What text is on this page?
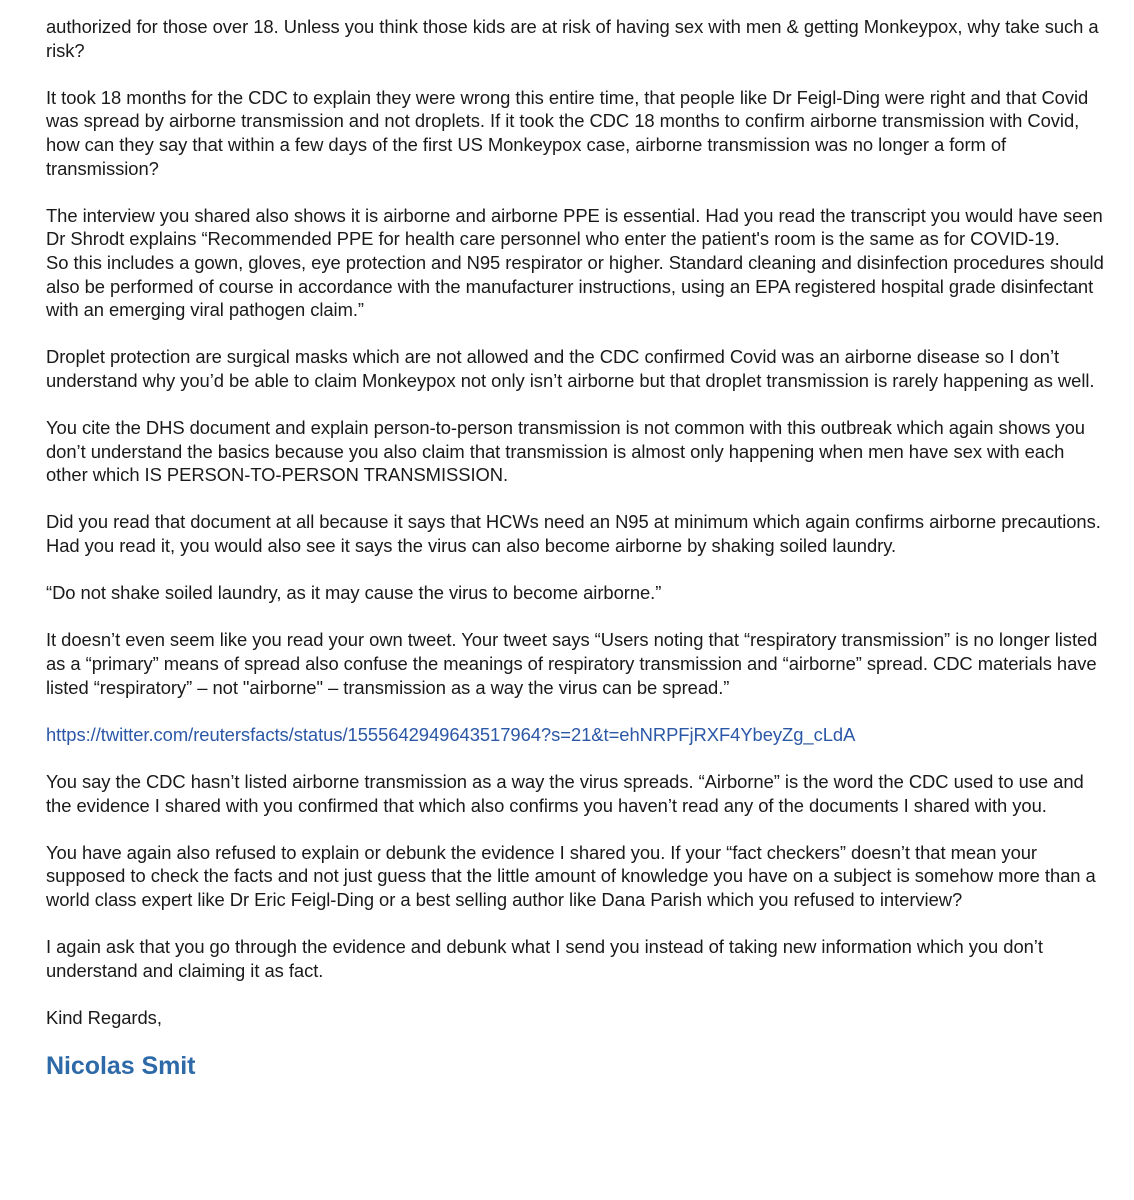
authorized for those over 18. Unless you think those kids are at risk of having sex with men & getting Monkeypox, why take such a risk?

It took 18 months for the CDC to explain they were wrong this entire time, that people like Dr Feigl-Ding were right and that Covid was spread by airborne transmission and not droplets. If it took the CDC 18 months to confirm airborne transmission with Covid, how can they say that within a few days of the first US Monkeypox case, airborne transmission was no longer a form of transmission?

The interview you shared also shows it is airborne and airborne PPE is essential. Had you read the transcript you would have seen Dr Shrodt explains “Recommended PPE for health care personnel who enter the patient's room is the same as for COVID-19.

So this includes a gown, gloves, eye protection and N95 respirator or higher. Standard cleaning and disinfection procedures should also be performed of course in accordance with the manufacturer instructions, using an EPA registered hospital grade disinfectant with an emerging viral pathogen claim.”

Droplet protection are surgical masks which are not allowed and the CDC confirmed Covid was an airborne disease so I don’t understand why you’d be able to claim Monkeypox not only isn’t airborne but that droplet transmission is rarely happening as well.

You cite the DHS document and explain person-to-person transmission is not common with this outbreak which again shows you don’t understand the basics because you also claim that transmission is almost only happening when men have sex with each other which IS PERSON-TO-PERSON TRANSMISSION.

Did you read that document at all because it says that HCWs need an N95 at minimum which again confirms airborne precautions. Had you read it, you would also see it says the virus can also become airborne by shaking soiled laundry.

“Do not shake soiled laundry, as it may cause the virus to become airborne.”

It doesn’t even seem like you read your own tweet. Your tweet says “Users noting that “respiratory transmission” is no longer listed as a “primary” means of spread also confuse the meanings of respiratory transmission and “airborne” spread. CDC materials have listed “respiratory” – not "airborne" – transmission as a way the virus can be spread.”

https://twitter.com/reutersfacts/status/1555642949643517964?s=21&t=ehNRPFjRXF4YbeyZg_cLdA

You say the CDC hasn’t listed airborne transmission as a way the virus spreads. “Airborne” is the word the CDC used to use and the evidence I shared with you confirmed that which also confirms you haven’t read any of the documents I shared with you.

You have again also refused to explain or debunk the evidence I shared you. If your “fact checkers” doesn’t that mean your supposed to check the facts and not just guess that the little amount of knowledge you have on a subject is somehow more than a world class expert like Dr Eric Feigl-Ding or a best selling author like Dana Parish which you refused to interview?

I again ask that you go through the evidence and debunk what I send you instead of taking new information which you don’t understand and claiming it as fact.

Kind Regards,

Nicolas Smit
